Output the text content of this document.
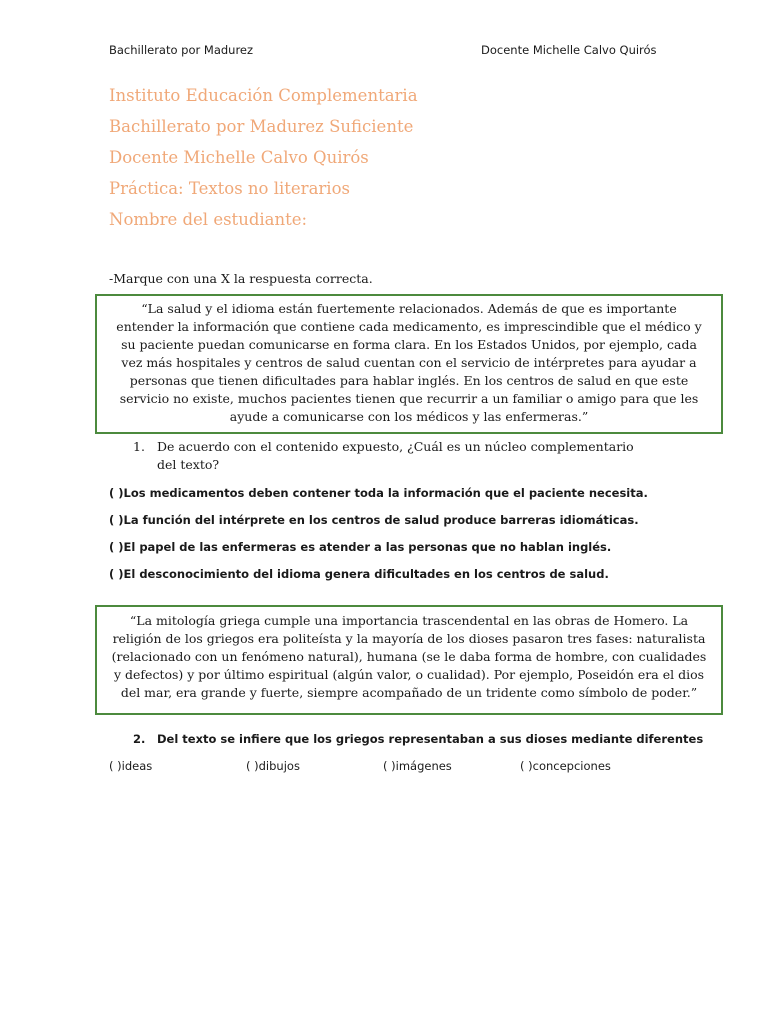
Bachillerato por Madurez	Docente Michelle Calvo Quirós
Instituto Educación Complementaria
Bachillerato por Madurez Suficiente
Docente Michelle Calvo Quirós
Práctica: Textos no literarios
Nombre del estudiante:
-Marque con una X la respuesta correcta.
“La salud y el idioma están fuertemente relacionados. Además de que es importante entender la información que contiene cada medicamento, es imprescindible que el médico y su paciente puedan comunicarse en forma clara. En los Estados Unidos, por ejemplo, cada vez más hospitales y centros de salud cuentan con el servicio de intérpretes para ayudar a personas que tienen dificultades para hablar inglés. En los centros de salud en que este servicio no existe, muchos pacientes tienen que recurrir a un familiar o amigo para que les ayude a comunicarse con los médicos y las enfermeras.”
1. De acuerdo con el contenido expuesto, ¿Cuál es un núcleo complementario del texto?
( )Los medicamentos deben contener toda la información que el paciente necesita.
( )La función del intérprete en los centros de salud produce barreras idiomáticas.
( )El papel de las enfermeras es atender a las personas que no hablan inglés.
( )El desconocimiento del idioma genera dificultades en los centros de salud.
“La mitología griega cumple una importancia trascendental en las obras de Homero. La religión de los griegos era politeísta y la mayoría de los dioses pasaron tres fases: naturalista (relacionado con un fenómeno natural), humana (se le daba forma de hombre, con cualidades y defectos) y por último espiritual (algún valor, o cualidad). Por ejemplo, Poseidón era el dios del mar, era grande y fuerte, siempre acompañado de un tridente como símbolo de poder.”
2. Del texto se infiere que los griegos representaban a sus dioses mediante diferentes
( )ideas	( )dibujos	( )imágenes	( )concepciones
